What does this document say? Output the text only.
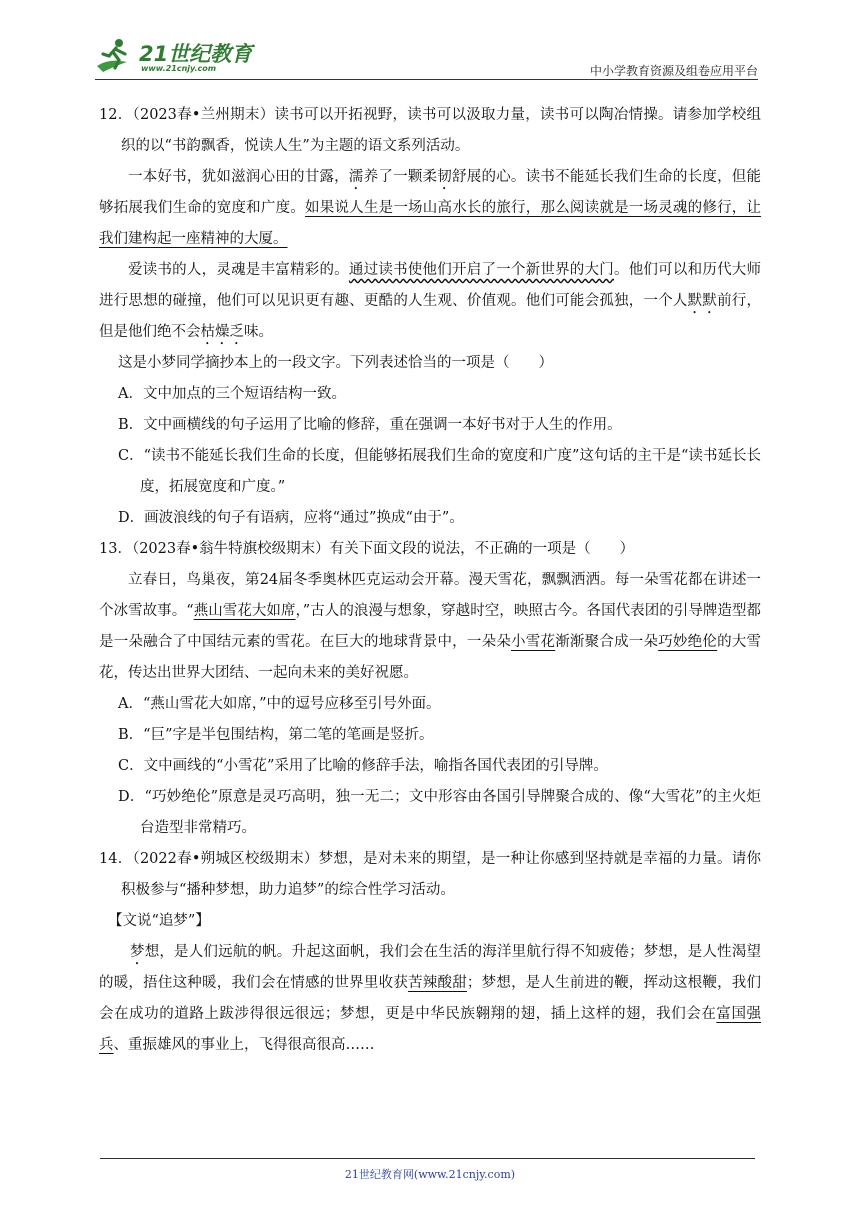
21世纪教育
www.21cnjy.com	中小学教育资源及组卷应用平台

12．（2023春•兰州期末）读书可以开拓视野，读书可以汲取力量，读书可以陶冶情操。请参加学校组织的以“书韵飘香，悦读人生”为主题的语文系列活动。

一本好书，犹如滋润心田的甘露，濡养了一颗柔韧舒展的心。读书不能延长我们生命的长度，但能够拓展我们生命的宽度和广度。如果说人生是一场山高水长的旅行，那么阅读就是一场灵魂的修行，让我们建构起一座精神的大厦。

爱读书的人，灵魂是丰富精彩的。通过读书使他们开启了一个新世界的大门。他们可以和历代大师进行思想的碰撞，他们可以见识更有趣、更酷的人生观、价值观。他们可能会孤独，一个人默默前行，但是他们绝不会枯燥乏味。

这是小梦同学摘抄本上的一段文字。下列表述恰当的一项是（　　）

A．文中加点的三个短语结构一致。

B．文中画横线的句子运用了比喻的修辞，重在强调一本好书对于人生的作用。

C．“读书不能延长我们生命的长度，但能够拓展我们生命的宽度和广度”这句话的主干是“读书延长长度，拓展宽度和广度。”

D．画波浪线的句子有语病，应将“通过”换成“由于”。

13．（2023春•翁牛特旗校级期末）有关下面文段的说法，不正确的一项是（　　）

立春日，鸟巢夜，第24届冬季奥林匹克运动会开幕。漫天雪花，飘飘洒洒。每一朵雪花都在讲述一个冰雪故事。“燕山雪花大如席，”古人的浪漫与想象，穿越时空，映照古今。各国代表团的引导牌造型都是一朵融合了中国结元素的雪花。在巨大的地球背景中，一朵朵小雪花渐渐聚合成一朵巧妙绝伦的大雪花，传达出世界大团结、一起向未来的美好祝愿。

A．“燕山雪花大如席，”中的逗号应移至引号外面。

B．“巨”字是半包围结构，第二笔的笔画是竖折。

C．文中画线的“小雪花”采用了比喻的修辞手法，喻指各国代表团的引导牌。

D．“巧妙绝伦”原意是灵巧高明，独一无二；文中形容由各国引导牌聚合成的、像“大雪花”的主火炬台造型非常精巧。

14．（2022春•朔城区校级期末）梦想，是对未来的期望，是一种让你感到坚持就是幸福的力量。请你积极参与“播种梦想，助力追梦”的综合性学习活动。

【文说“追梦”】

梦想，是人们远航的帆。升起这面帆，我们会在生活的海洋里航行得不知疲倦；梦想，是人性渴望的暖，捂住这种暖，我们会在情感的世界里收获苦辣酸甜；梦想，是人生前进的鞭，挥动这根鞭，我们会在成功的道路上跋涉得很远很远；梦想，更是中华民族翱翔的翅，插上这样的翅，我们会在富国强兵、重振雄风的事业上，飞得很高很高……

21世纪教育网(www.21cnjy.com)
